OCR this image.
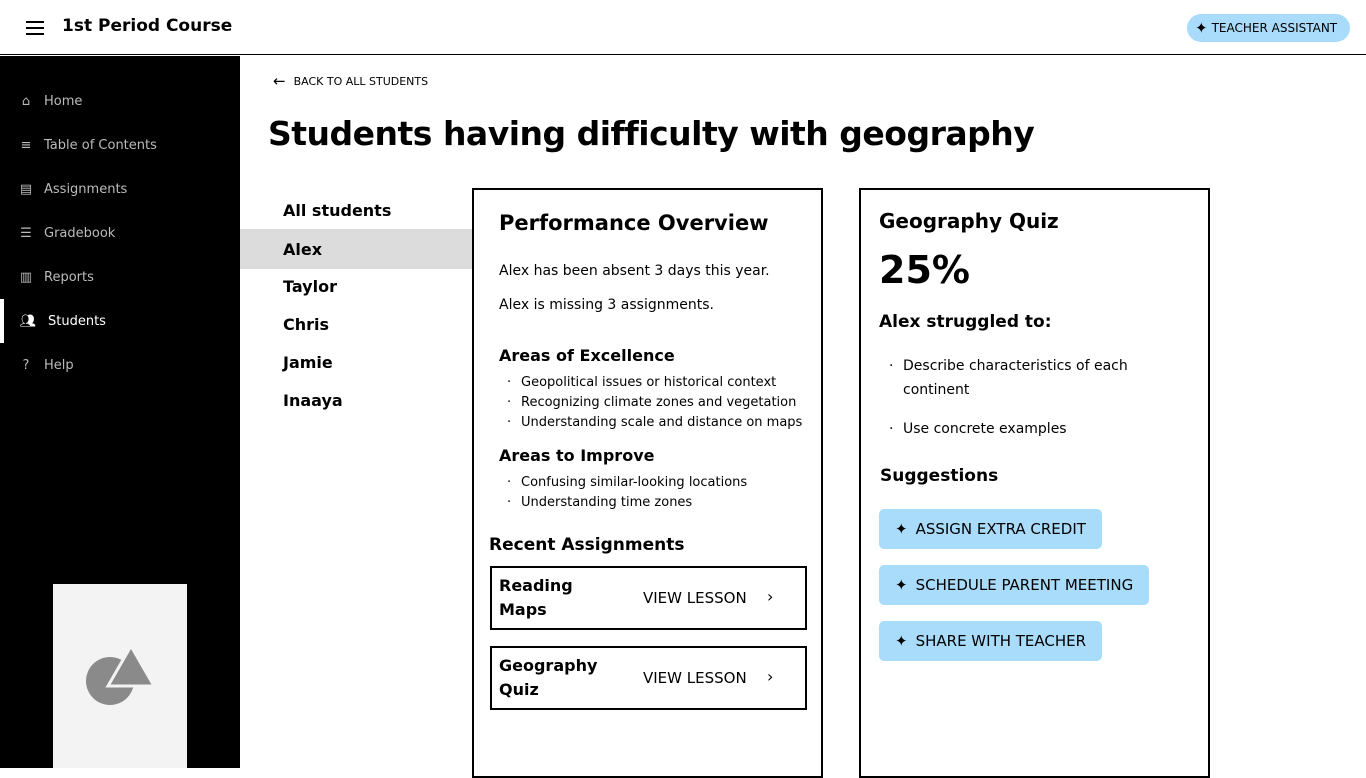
1st Period Course	✦ TEACHER ASSISTANT
⌂	Home
≡ Table of Contents
▤ Assignments
☰ Gradebook
▥ Reports
👥︎ Students
?	Help
← BACK TO ALL STUDENTS
Students having difficulty with geography
All students
Alex
Taylor
Chris
Jamie
Inaaya
Performance Overview
Alex has been absent 3 days this year.
Alex is missing 3 assignments.
Areas of Excellence
· Geopolitical issues or historical context
· Recognizing climate zones and vegetation
· Understanding scale and distance on maps
Areas to Improve
· Confusing similar-looking locations
· Understanding time zones
Recent Assignments
Reading Maps
VIEW LESSON ›
Geography Quiz
VIEW LESSON ›
Geography Quiz
25%
Alex struggled to:
· Describe characteristics of each continent
· Use concrete examples
Suggestions
✦ ASSIGN EXTRA CREDIT
✦ SCHEDULE PARENT MEETING
✦ SHARE WITH TEACHER
